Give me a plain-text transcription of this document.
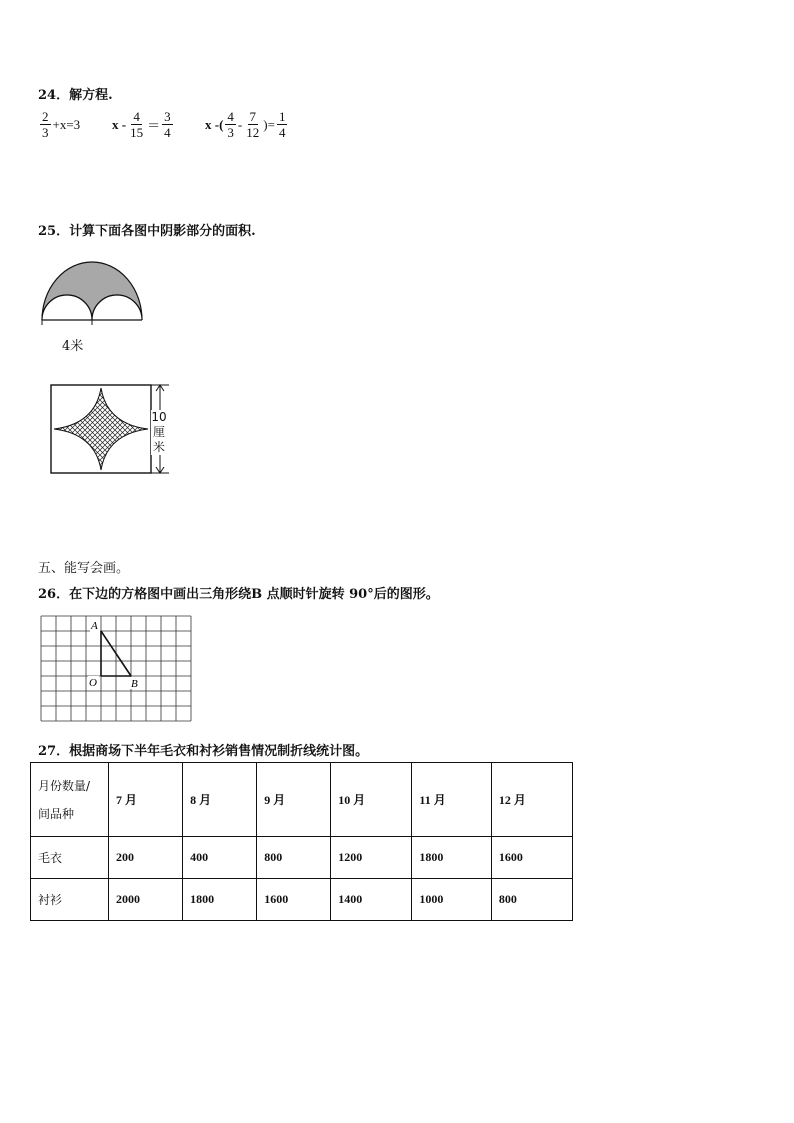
24．解方程.
$\frac{2}{3} +x=3$ $x - \frac{4}{15} = \frac{3}{4}$ x -( $\frac{4}{3} - \frac{7}{12}$ )= $\frac{1}{4}$
25．计算下面各图中阴影部分的面积.
4米
10
厘
米
五、能写会画。
26．在下边的方格图中画出三角形绕B 点顺时针旋转 90°后的图形。
A
O	B
27．根据商场下半年毛衣和衬衫销售情况制折线统计图。
月份数量/
间品种	7 月	8 月	9 月	10 月	11 月	12 月
毛衣	200	400	800	1200	1800	1600
衬衫	2000	1800	1600	1400	1000	800
